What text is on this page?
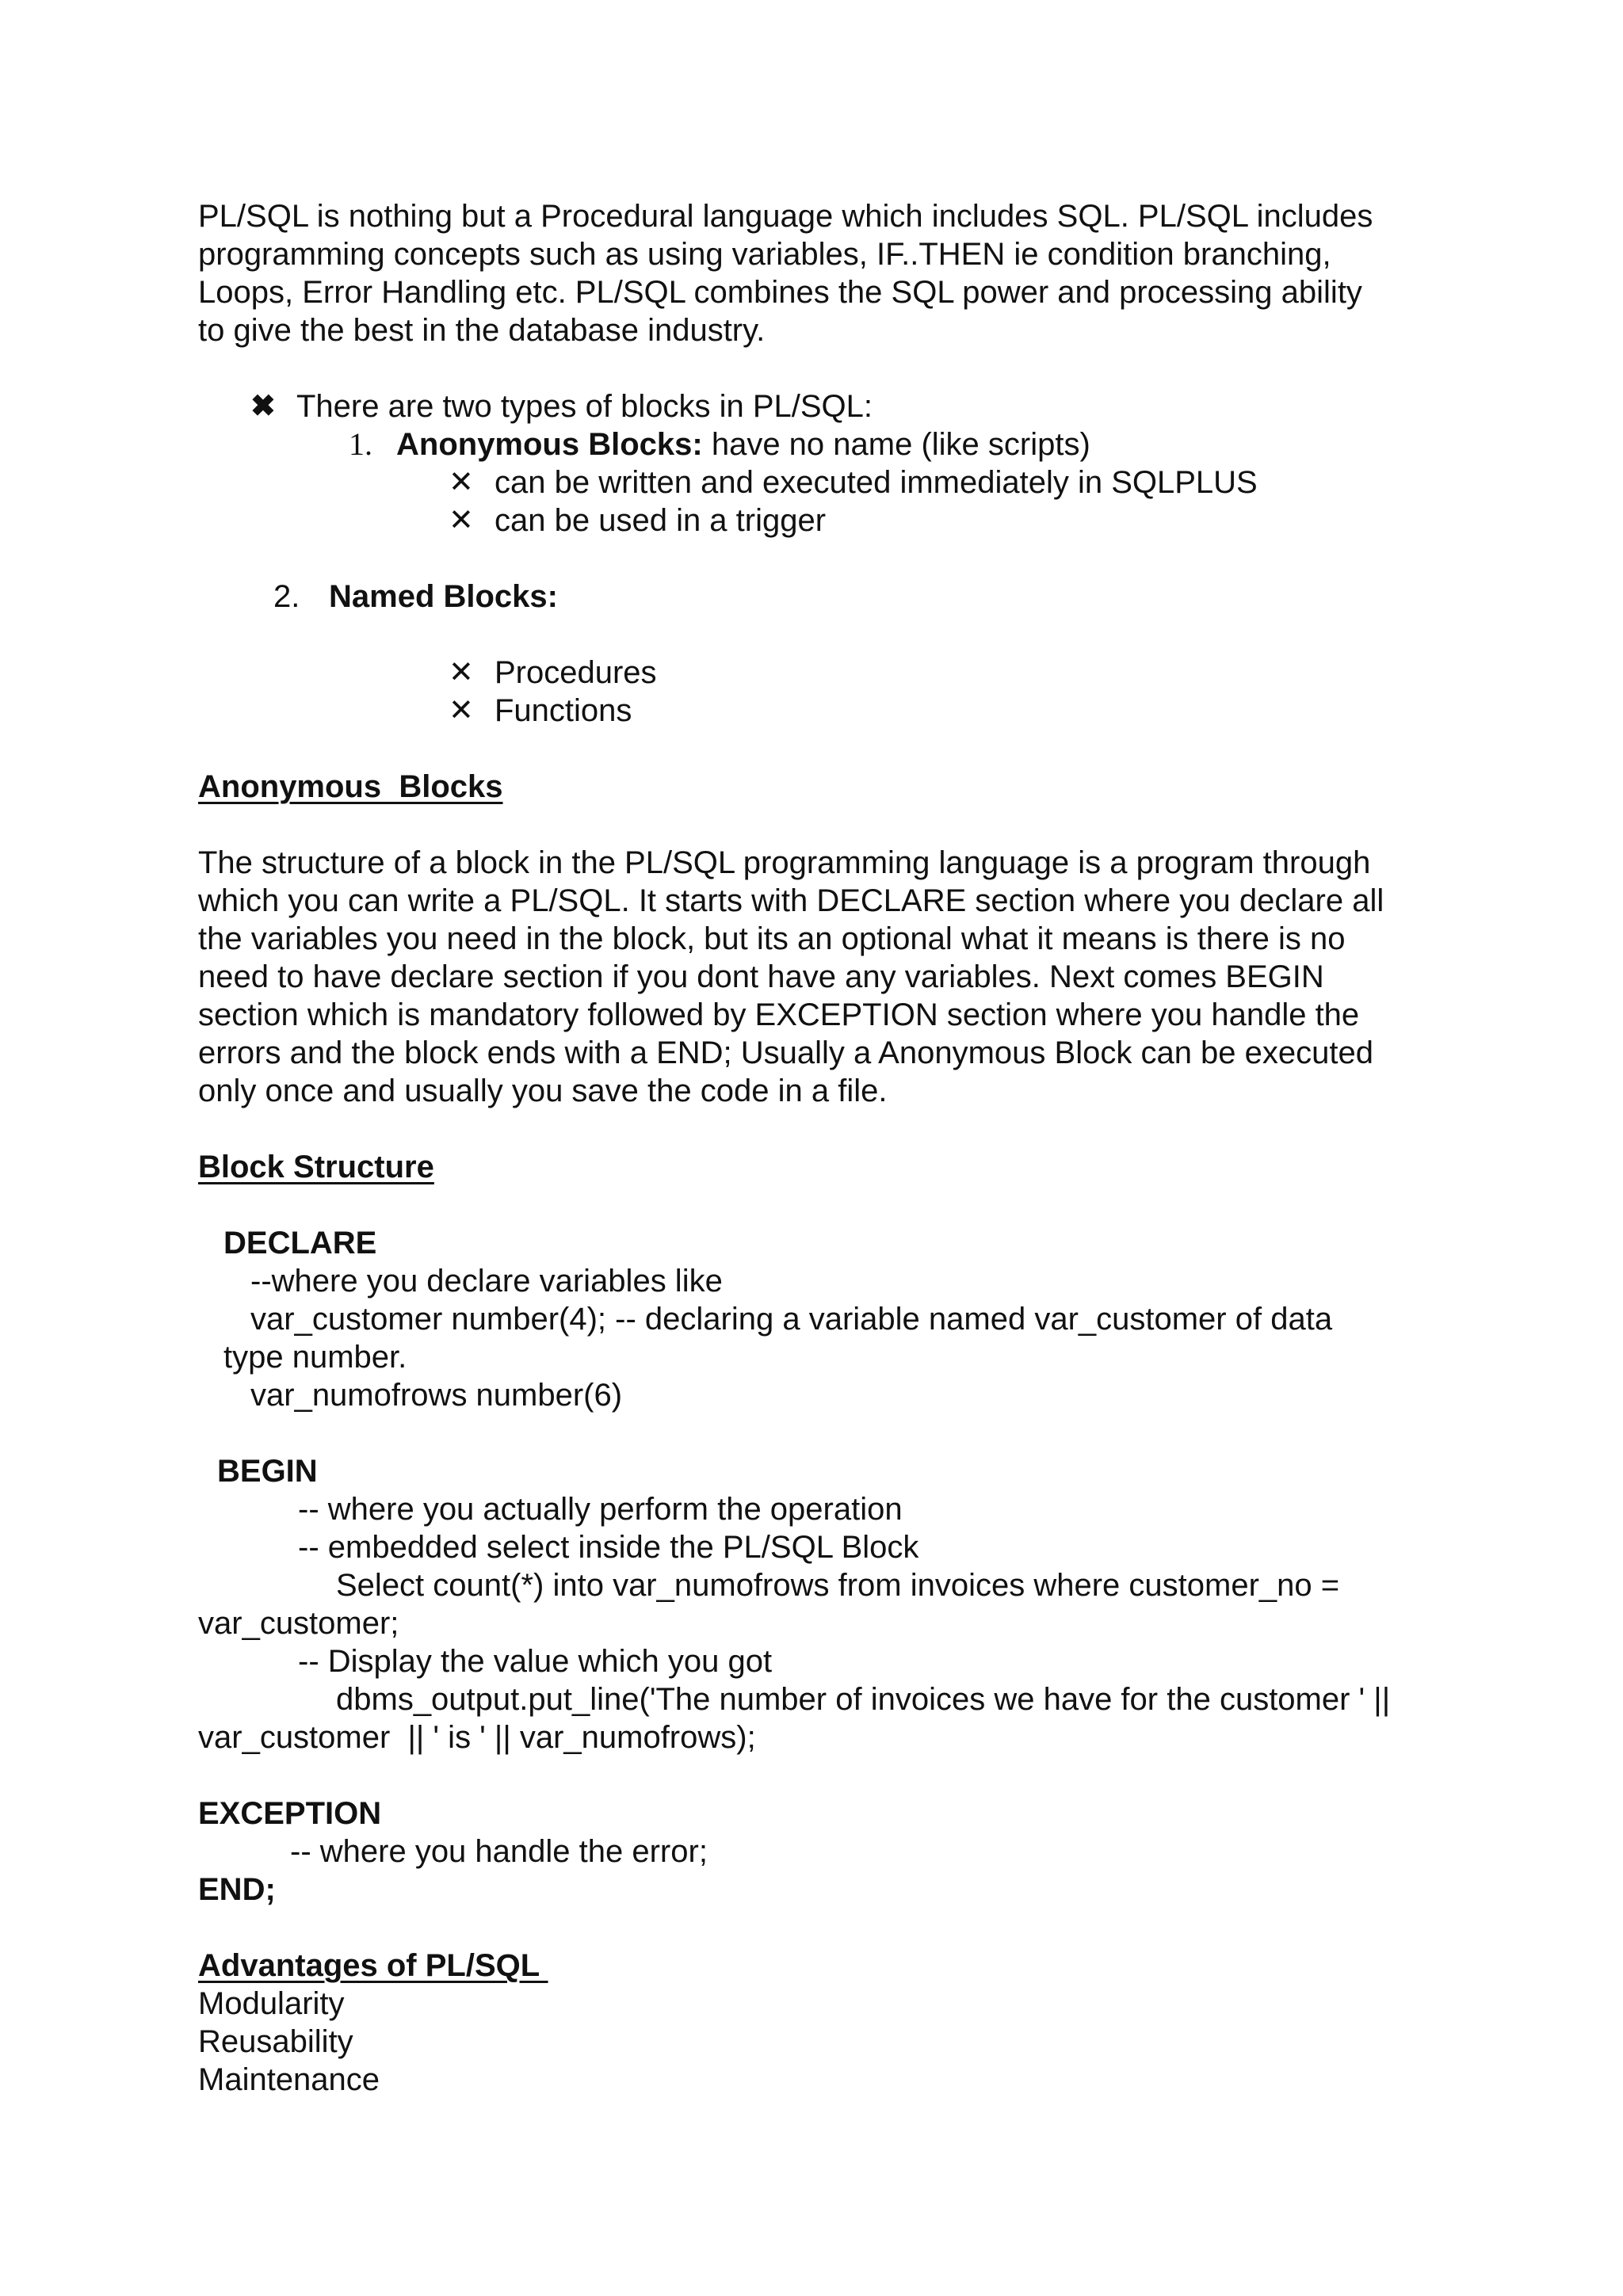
PL/SQL is nothing but a Procedural language which includes SQL. PL/SQL includes
programming concepts such as using variables, IF..THEN ie condition branching,
Loops, Error Handling etc. PL/SQL combines the SQL power and processing ability
to give the best in the database industry.
✖ There are two types of blocks in PL/SQL:
1. Anonymous Blocks: have no name (like scripts)
✕ can be written and executed immediately in SQLPLUS
✕ can be used in a trigger
2. Named Blocks:
✕ Procedures
✕ Functions
Anonymous  Blocks
The structure of a block in the PL/SQL programming language is a program through
which you can write a PL/SQL. It starts with DECLARE section where you declare all
the variables you need in the block, but its an optional what it means is there is no
need to have declare section if you dont have any variables. Next comes BEGIN
section which is mandatory followed by EXCEPTION section where you handle the
errors and the block ends with a END; Usually a Anonymous Block can be executed
only once and usually you save the code in a file.
Block Structure
DECLARE
--where you declare variables like
var_customer number(4); -- declaring a variable named var_customer of data
type number.
var_numofrows number(6)
BEGIN
-- where you actually perform the operation
-- embedded select inside the PL/SQL Block
Select count(*) into var_numofrows from invoices where customer_no =
var_customer;
-- Display the value which you got
dbms_output.put_line('The number of invoices we have for the customer ' ||
var_customer  || ' is ' || var_numofrows);
EXCEPTION
-- where you handle the error;
END;
Advantages of PL/SQL
Modularity
Reusability
Maintenance
